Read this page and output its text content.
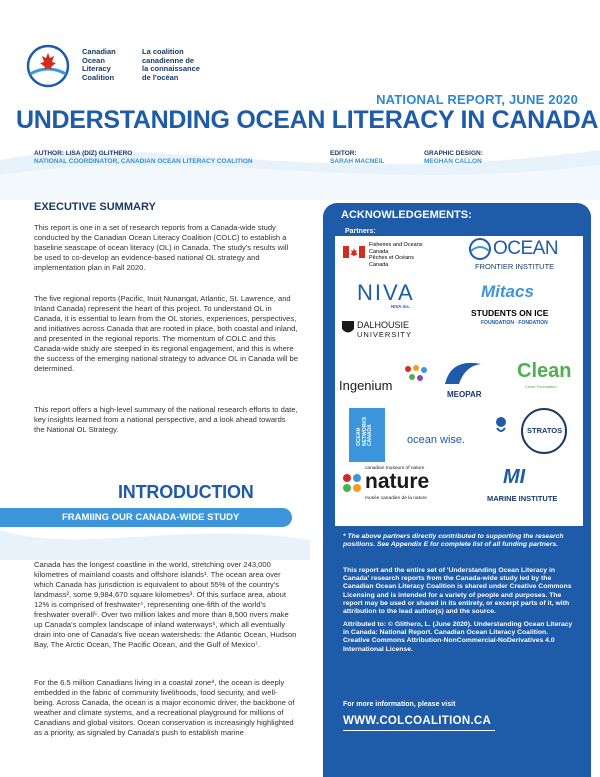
Canadian
Ocean
Literacy
Coalition
La coalition
canadienne de
la connaissance
de l'océan
NATIONAL REPORT, JUNE 2020
UNDERSTANDING OCEAN LITERACY IN CANADA
AUTHOR: LISA (DIZ) GLITHERO
NATIONAL COORDINATOR, CANADIAN OCEAN LITERACY COALITION
EDITOR:
SARAH MACNEIL
GRAPHIC DESIGN:
MEGHAN CALLON
EXECUTIVE SUMMARY
This report is one in a set of research reports from a Canada-wide study conducted by the Canadian Ocean Literacy Coalition (COLC) to establish a baseline seascape of ocean literacy (OL) in Canada. The study's results will be used to co-develop an evidence-based national OL strategy and implementation plan in Fall 2020.
The five regional reports (Pacific, Inuit Nunangat, Atlantic, St. Lawrence, and Inland Canada) represent the heart of this project. To understand OL in Canada, it is essential to learn from the OL stories, experiences, perspectives, and initiatives across Canada that are rooted in place, both coastal and inland, and presented in the regional reports. The momentum of COLC and this Canada-wide study are steeped in its regional engagement, and this is where the success of the emerging national strategy to advance OL in Canada will be determined.
This report offers a high-level summary of the national research efforts to date, key insights learned from a national perspective, and a look ahead towards the National OL Strategy.
INTRODUCTION
FRAMIING OUR CANADA-WIDE STUDY
Canada has the longest coastline in the world, stretching over 243,000 kilometres of mainland coasts and offshore islands¹. The ocean area over which Canada has jurisdiction is equivalent to about 55% of the country's landmass², some 9,984,670 square kilometres³. Of this surface area, about 12% is comprised of freshwater⁴, representing one-fifth of the world's freshwater overall⁵. Over two million lakes and more than 8,500 rivers make up Canada's complex landscape of inland waterways⁶, which all eventually drain into one of Canada's five ocean watersheds: the Atlantic Ocean, Hudson Bay, The Arctic Ocean, The Pacific Ocean, and the Gulf of Mexico⁷.
For the 6.5 million Canadians living in a coastal zone⁸, the ocean is deeply embedded in the fabric of community livelihoods, food security, and well-being. Across Canada, the ocean is a major economic driver, the backbone of weather and climate systems, and a recreational playground for millions of Canadians and global visitors. Ocean conservation is increasingly highlighted as a priority, as signaled by Canada's push to establish marine
ACKNOWLEDGEMENTS:
Partners:
Fisheries and Oceans
Canada
Pêches et Océans
Canada
OCEAN
FRONTIER INSTITUTE
NIVA
NIVA Inc.
Mitacs
STUDENTS ON ICE
FOUNDATION · FONDATION
DALHOUSIE
UNIVERSITY
Ingenium
MEOPAR
Clean
Clean Foundation
OCEAN NETWORKS CANADA	ocean wise.
STRATOS
canadian museum of nature
nature
musée canadien de la nature
MI
MARINE INSTITUTE
* The above partners directly contributed to supporting the research positions. See Appendix E for complete list of all funding partners.
This report and the entire set of 'Understanding Ocean Literacy in Canada' research reports from the Canada-wide study led by the Canadian Ocean Literacy Coalition is shared under Creative Commons Licensing and is intended for a variety of people and purposes. The report may be used or shared in its entirety, or excerpt parts of it, with attribution to the lead author(s) and the source.
Attributed to: © Glithero, L. (June 2020). Understanding Ocean Literacy in Canada: National Report. Canadian Ocean Literacy Coalition. Creative Commons Attribution-NonCommercial-NoDerivatives 4.0 International License.
For more information, please visit
WWW.COLCOALITION.CA
